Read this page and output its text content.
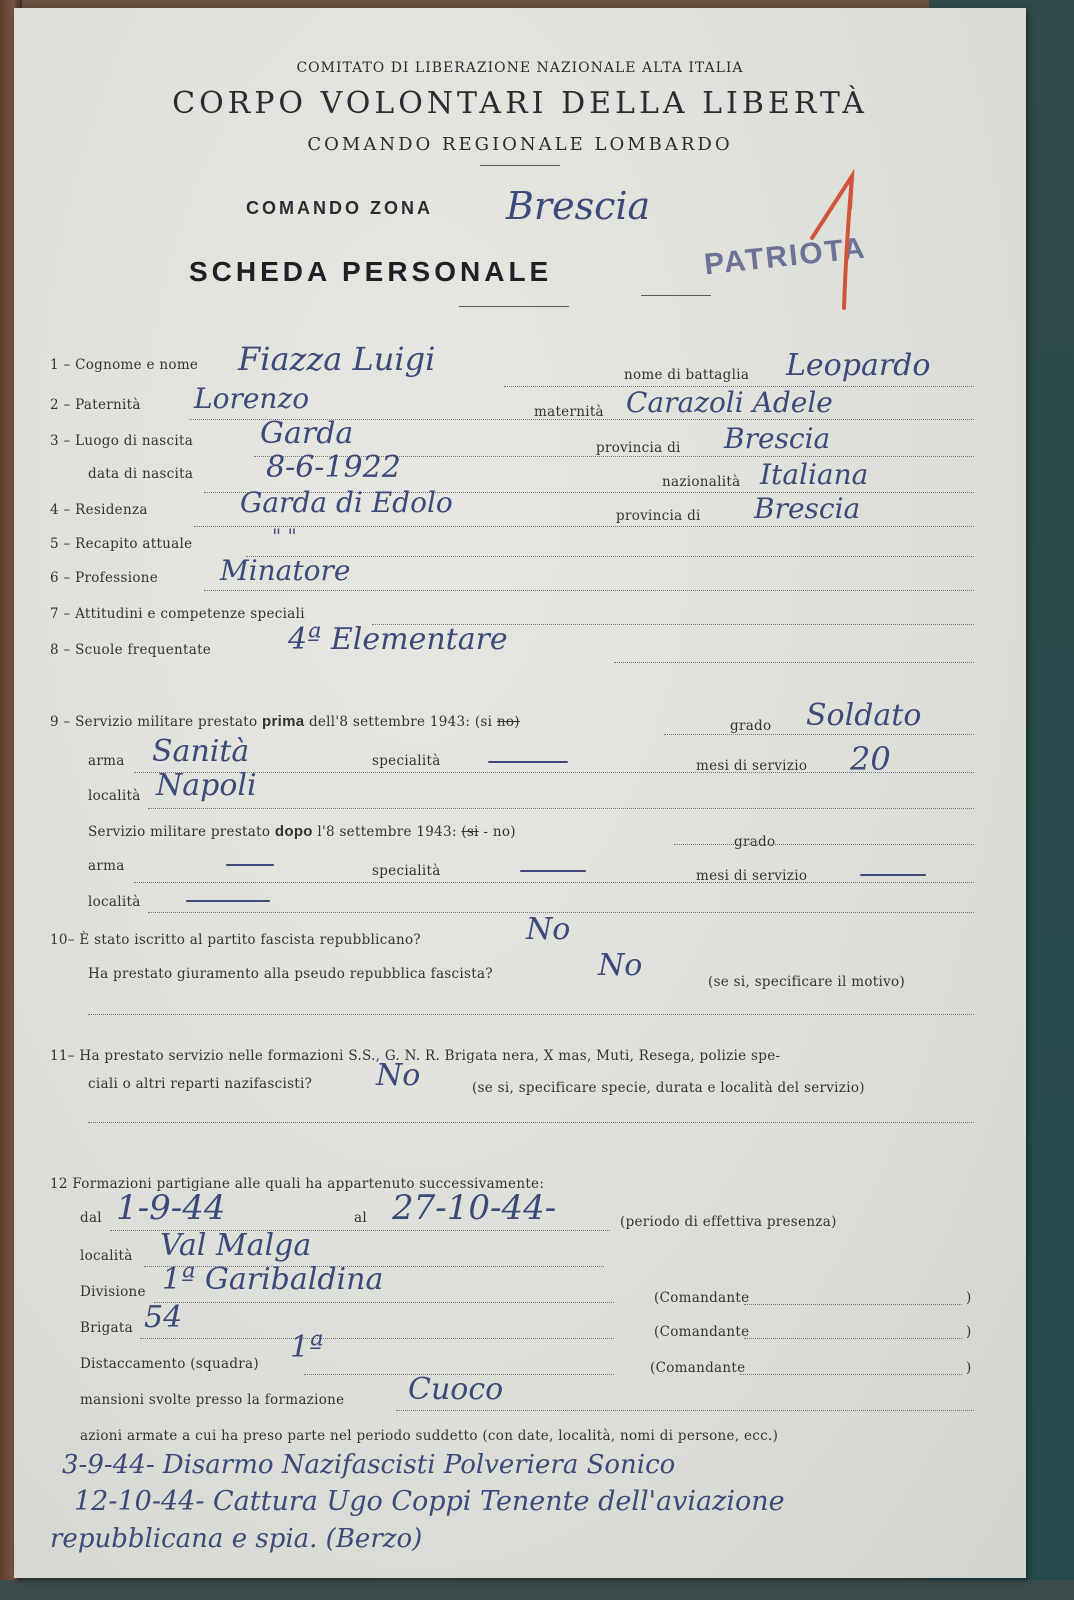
COMITATO DI LIBERAZIONE NAZIONALE ALTA ITALIA
CORPO VOLONTARI DELLA LIBERTÀ
COMANDO REGIONALE LOMBARDO
COMANDO ZONA Brescia
SCHEDA PERSONALE	PATRIOTA
1 – Cognome e nome Fiazza Luigi	nome di battaglia Leopardo
2 – Paternità Lorenzo	maternità Carazoli Adele
3 – Luogo di nascita Garda	provincia di Brescia
data di nascita 8-6-1922	nazionalità Italiana
4 – Residenza	Garda di Edolo	provincia di Brescia
5 – Recapito attuale	" "
6 – Professione Minatore
7 – Attitudini e competenze speciali
8 – Scuole frequentate	4ª Elementare
9 – Servizio militare prestato prima dell'8 settembre 1943: (si no)	grado Soldato
arma Sanità	specialità	mesi di servizio 20
località Napoli
Servizio militare prestato dopo l'8 settembre 1943: (si - no)
grado
arma	specialità	mesi di servizio
località
10– È stato iscritto al partito fascista repubblicano?	No
Ha prestato giuramento alla pseudo repubblica fascista?	No	(se si, specificare il motivo)
11– Ha prestato servizio nelle formazioni S.S., G. N. R. Brigata nera, X mas, Muti, Resega, polizie spe-
ciali o altri reparti nazifascisti? No	(se si, specificare specie, durata e località del servizio)
12 Formazioni partigiane alle quali ha appartenuto successivamente:
dal 1-9-44	al 27-10-44-	(periodo di effettiva presenza)
località Val Malga
Divisione 1ª Garibaldina
(Comandante	)
Brigata 54	(Comandante	)
Distaccamento (squadra) 1ª
(Comandante	)
mansioni svolte presso la formazione Cuoco
azioni armate a cui ha preso parte nel periodo suddetto (con date, località, nomi di persone, ecc.)
3-9-44- Disarmo Nazifascisti Polveriera Sonico
12-10-44- Cattura Ugo Coppi Tenente dell'aviazione
repubblicana e spia. (Berzo)
